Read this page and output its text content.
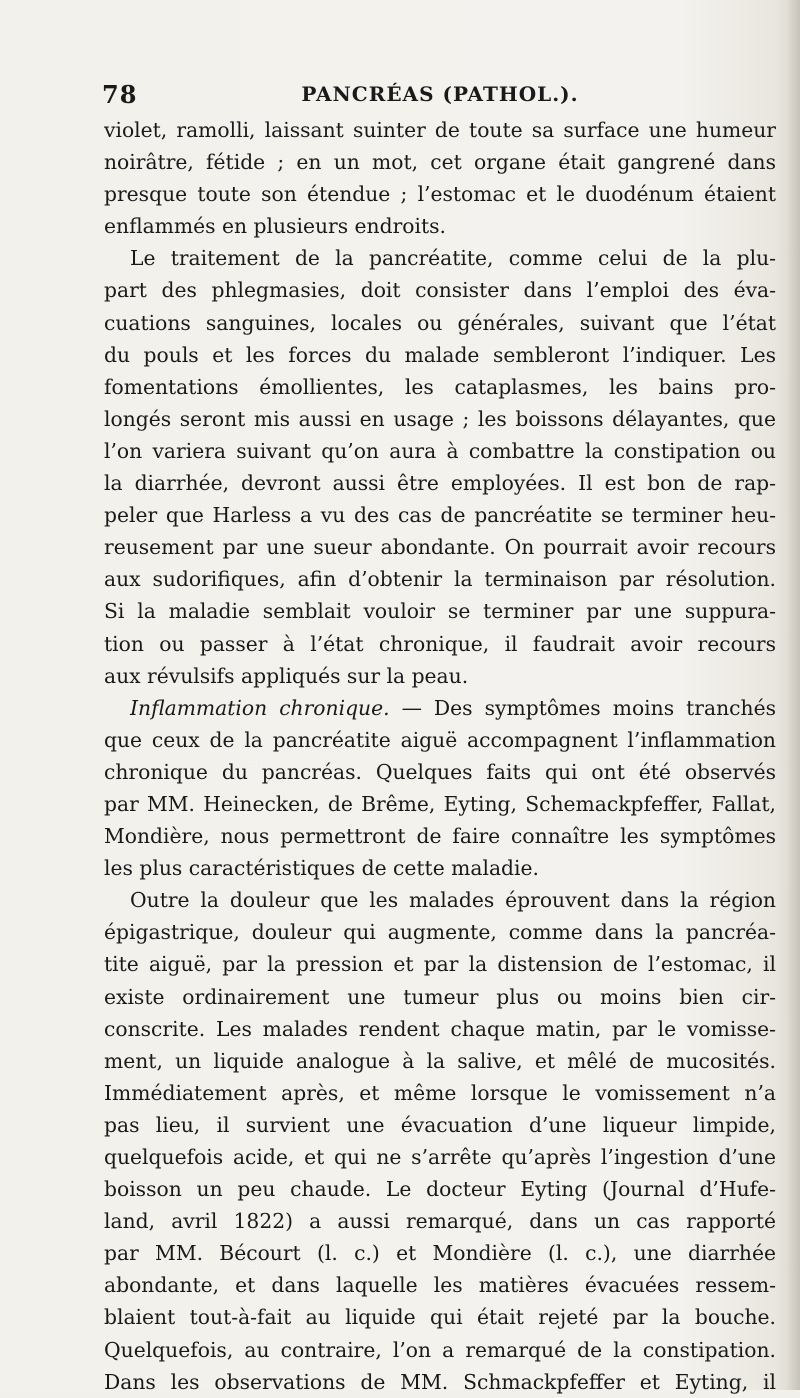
78	PANCRÉAS (PATHOL.).
violet, ramolli, laissant suinter de toute sa surface une humeur
noirâtre, fétide ; en un mot, cet organe était gangrené dans
presque toute son étendue ; l’estomac et le duodénum étaient
enflammés en plusieurs endroits.
Le traitement de la pancréatite, comme celui de la plu-
part des phlegmasies, doit consister dans l’emploi des éva-
cuations sanguines, locales ou générales, suivant que l’état
du pouls et les forces du malade sembleront l’indiquer. Les
fomentations émollientes, les cataplasmes, les bains pro-
longés seront mis aussi en usage ; les boissons délayantes, que
l’on variera suivant qu’on aura à combattre la constipation ou
la diarrhée, devront aussi être employées. Il est bon de rap-
peler que Harless a vu des cas de pancréatite se terminer heu-
reusement par une sueur abondante. On pourrait avoir recours
aux sudorifiques, afin d’obtenir la terminaison par résolution.
Si la maladie semblait vouloir se terminer par une suppura-
tion ou passer à l’état chronique, il faudrait avoir recours
aux révulsifs appliqués sur la peau.
Inflammation chronique. — Des symptômes moins tranchés
que ceux de la pancréatite aiguë accompagnent l’inflammation
chronique du pancréas. Quelques faits qui ont été observés
par MM. Heinecken, de Brême, Eyting, Schemackpfeffer, Fallat,
Mondière, nous permettront de faire connaître les symptômes
les plus caractéristiques de cette maladie.
Outre la douleur que les malades éprouvent dans la région
épigastrique, douleur qui augmente, comme dans la pancréa-
tite aiguë, par la pression et par la distension de l’estomac, il
existe ordinairement une tumeur plus ou moins bien cir-
conscrite. Les malades rendent chaque matin, par le vomisse-
ment, un liquide analogue à la salive, et mêlé de mucosités.
Immédiatement après, et même lorsque le vomissement n’a
pas lieu, il survient une évacuation d’une liqueur limpide,
quelquefois acide, et qui ne s’arrête qu’après l’ingestion d’une
boisson un peu chaude. Le docteur Eyting (Journal d’Hufe-
land, avril 1822) a aussi remarqué, dans un cas rapporté
par MM. Bécourt (l. c.) et Mondière (l. c.), une diarrhée
abondante, et dans laquelle les matières évacuées ressem-
blaient tout-à-fait au liquide qui était rejeté par la bouche.
Quelquefois, au contraire, l’on a remarqué de la constipation.
Dans les observations de MM. Schmackpfeffer et Eyting, il
